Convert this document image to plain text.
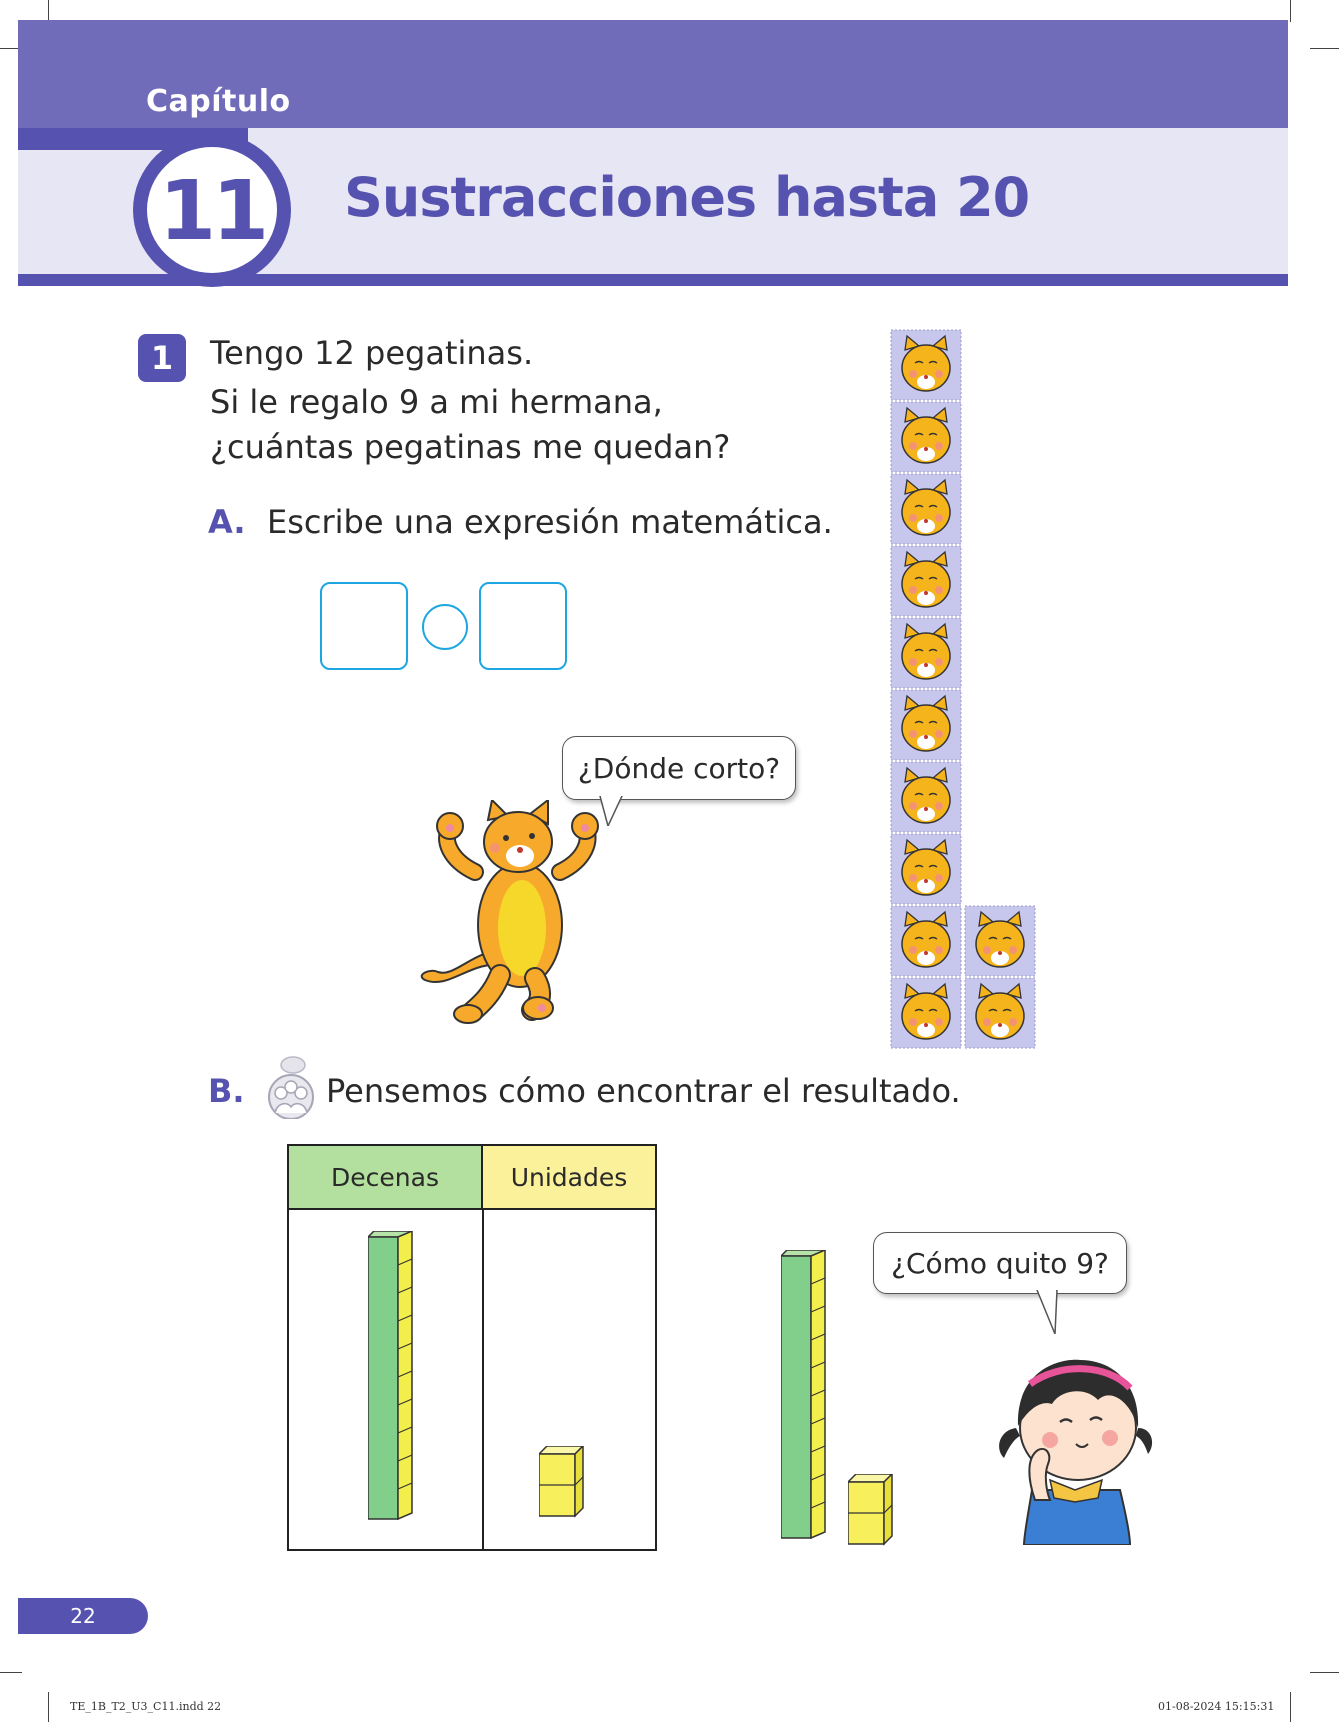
Capítulo
11 Sustracciones hasta 20
1	Tengo 12 pegatinas.
Si le regalo 9 a mi hermana,
¿cuántas pegatinas me quedan?
A. Escribe una expresión matemática.
¿Dónde corto?
B.	Pensemos cómo encontrar el resultado.
Decenas	Unidades
¿Cómo quito 9?
22
TE_1B_T2_U3_C11.indd 22	01-08-2024 15:15:31
